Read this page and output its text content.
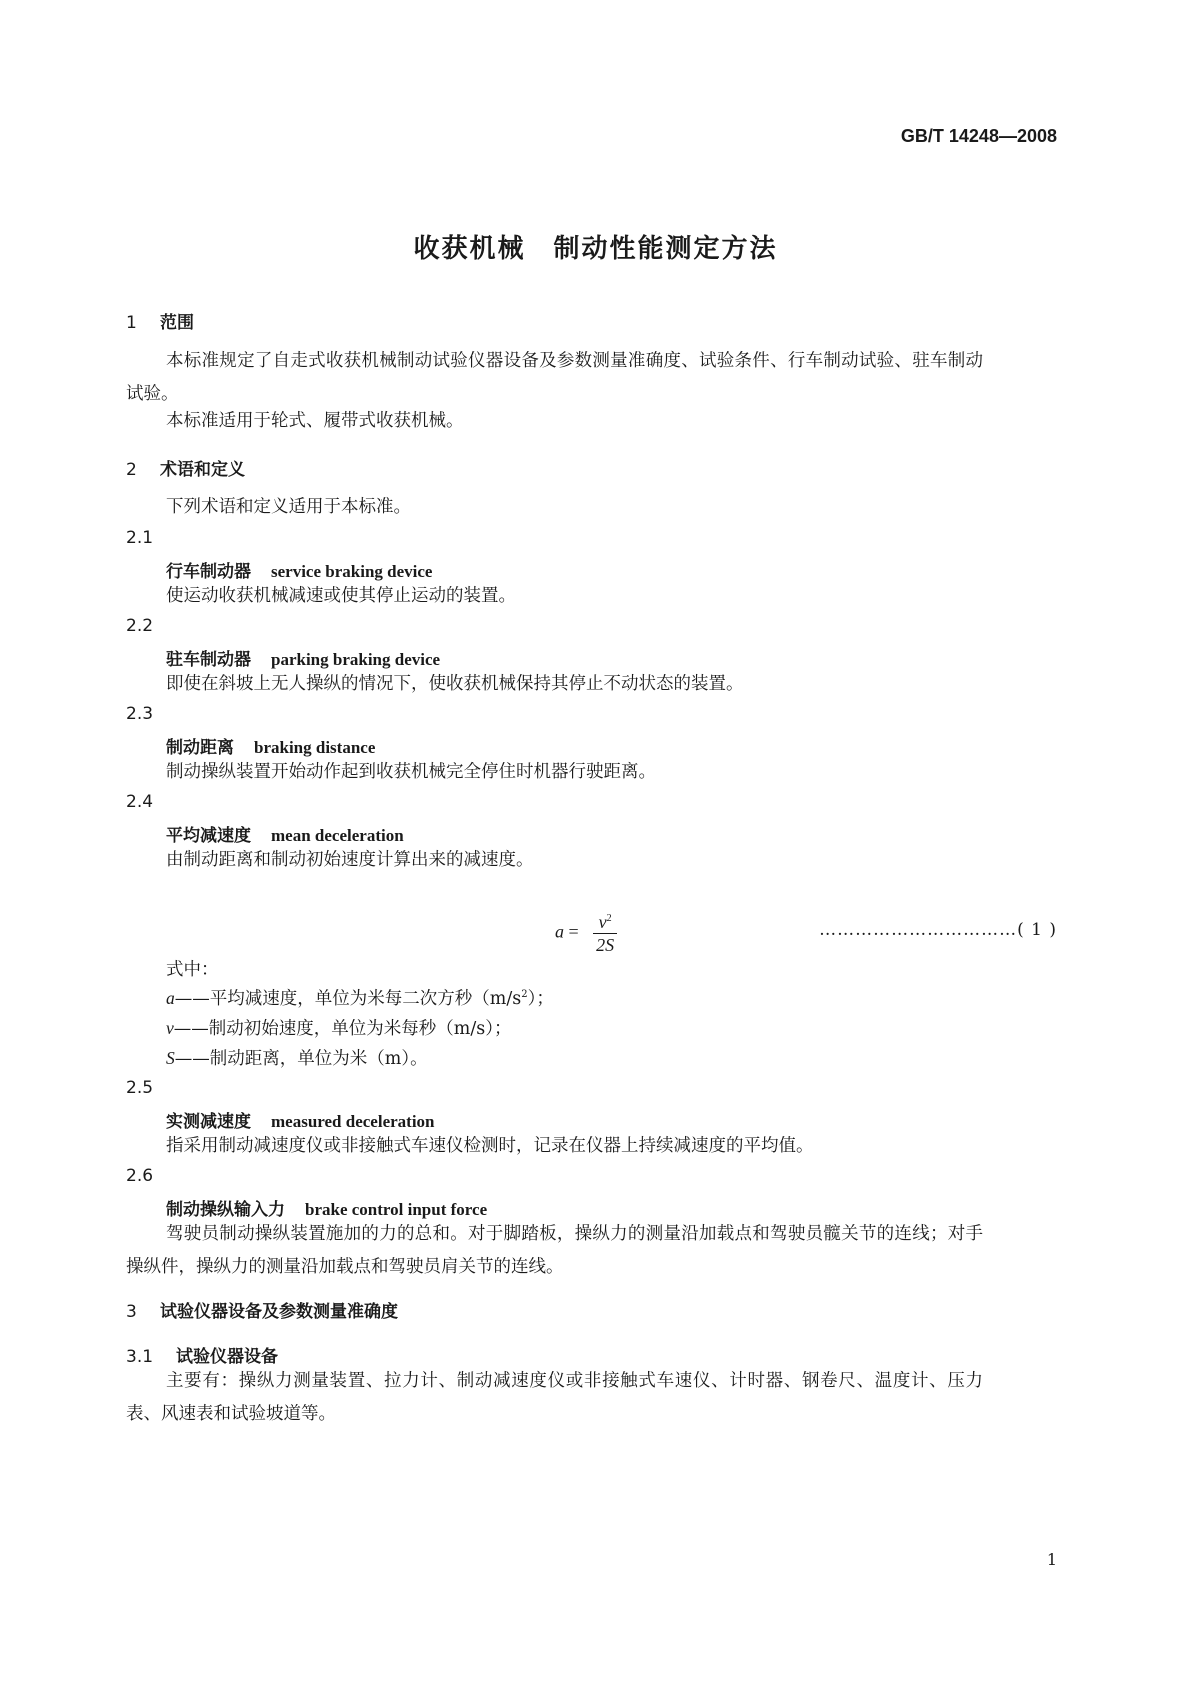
GB/T 14248—2008
收获机械　制动性能测定方法
1 范围
本标准规定了自走式收获机械制动试验仪器设备及参数测量准确度、试验条件、行车制动试验、驻车制动试验。
本标准适用于轮式、履带式收获机械。
2 术语和定义
下列术语和定义适用于本标准。
2.1
行车制动器 service braking device
使运动收获机械减速或使其停止运动的装置。
2.2
驻车制动器 parking braking device
即使在斜坡上无人操纵的情况下，使收获机械保持其停止不动状态的装置。
2.3
制动距离 braking distance
制动操纵装置开始动作起到收获机械完全停住时机器行驶距离。
2.4
平均减速度 mean deceleration
由制动距离和制动初始速度计算出来的减速度。
$a = \frac{v^2}{2S}$	……………………………( 1 )
式中：
a——平均减速度，单位为米每二次方秒$(m/s^2)$；
v——制动初始速度，单位为米每秒（m/s）；
S——制动距离，单位为米（m）。
2.5
实测减速度 measured deceleration
指采用制动减速度仪或非接触式车速仪检测时，记录在仪器上持续减速度的平均值。
2.6
制动操纵输入力 brake control input force
驾驶员制动操纵装置施加的力的总和。对于脚踏板，操纵力的测量沿加载点和驾驶员髋关节的连线；对手操纵件，操纵力的测量沿加载点和驾驶员肩关节的连线。
3 试验仪器设备及参数测量准确度
3.1 试验仪器设备
主要有：操纵力测量装置、拉力计、制动减速度仪或非接触式车速仪、计时器、钢卷尺、温度计、压力表、风速表和试验坡道等。
1
